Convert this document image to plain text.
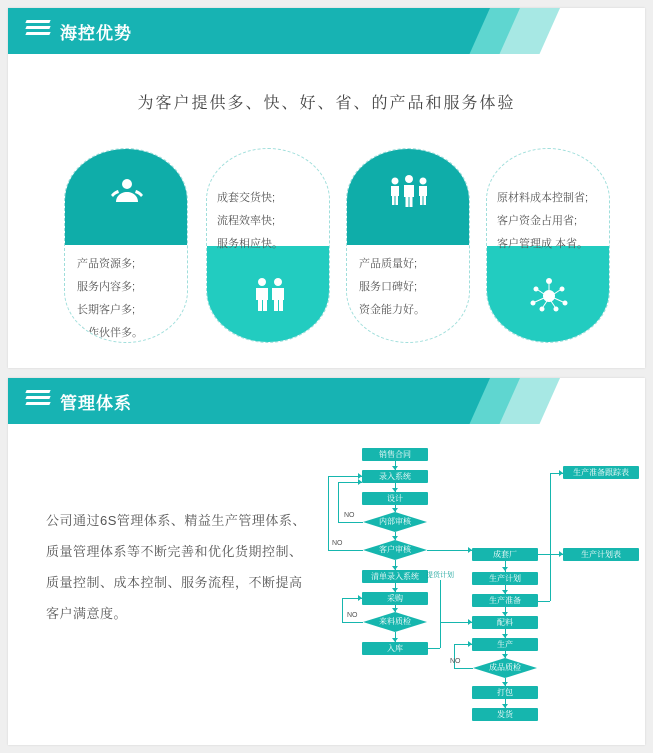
海控优势
为客户提供多、快、好、省、的产品和服务体验
产品资源多;
服务内容多;
长期客户多;
合作伙伴多。
成套交货快;
流程效率快;
服务相应快。
产品质量好;
服务口碑好;
资金能力好。
原材料成本控制省;
客户资金占用省;
客户管理成 本省。
管理体系
公司通过6S管理体系、精益生产管理体系、质量管理体系等不断完善和优化货期控制、质量控制、成本控制、服务流程，不断提高客户满意度。
销售合同
录入系统
设计
内部审核
客户审核
清单录入系统
采购
来料质检
入库
成套厂
生产计划
生产准备
配料
生产
成品质检
打包
发货
生产准备跟踪表
生产计划表
NO
NO
NO
NO
提货计划
